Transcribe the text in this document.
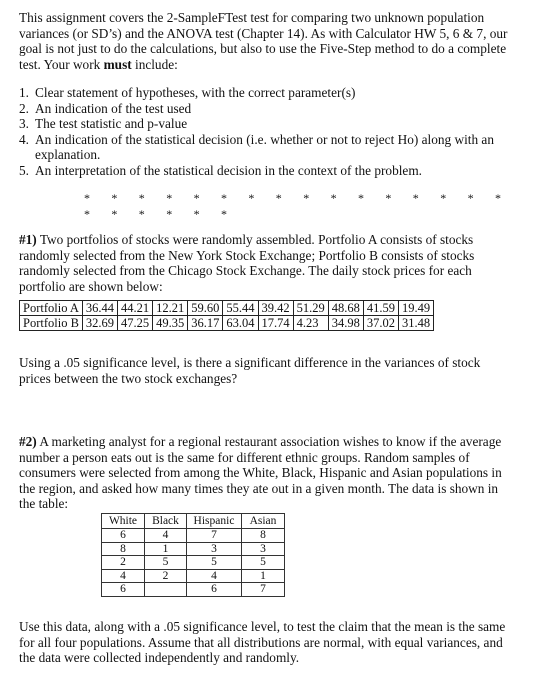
This assignment covers the 2-SampleFTest test for comparing two unknown population variances (or SD’s) and the ANOVA test (Chapter 14). As with Calculator HW 5, 6 & 7, our goal is not just to do the calculations, but also to use the Five-Step method to do a complete test. Your work must include:
1. Clear statement of hypotheses, with the correct parameter(s)
2. An indication of the test used
3. The test statistic and p-value
4. An indication of the statistical decision (i.e. whether or not to reject Ho) along with an explanation.
5. An interpretation of the statistical decision in the context of the problem.
* * * * * * * * * * * * * * * * * * * * * *
#1) Two portfolios of stocks were randomly assembled. Portfolio A consists of stocks randomly selected from the New York Stock Exchange; Portfolio B consists of stocks randomly selected from the Chicago Stock Exchange. The daily stock prices for each portfolio are shown below:
Portfolio A	36.44	44.21	12.21	59.60	55.44	39.42	51.29	48.68	41.59	19.49
Portfolio B	32.69	47.25	49.35	36.17	63.04	17.74	4.23	34.98	37.02	31.48
Using a .05 significance level, is there a significant difference in the variances of stock prices between the two stock exchanges?
#2) A marketing analyst for a regional restaurant association wishes to know if the average number a person eats out is the same for different ethnic groups. Random samples of consumers were selected from among the White, Black, Hispanic and Asian populations in the region, and asked how many times they ate out in a given month. The data is shown in the table:
White	Black	Hispanic	Asian
6	4	7	8
8	1	3	3
2	5	5	5
4	2	4	1
6		6	7
Use this data, along with a .05 significance level, to test the claim that the mean is the same for all four populations. Assume that all distributions are normal, with equal variances, and the data were collected independently and randomly.
